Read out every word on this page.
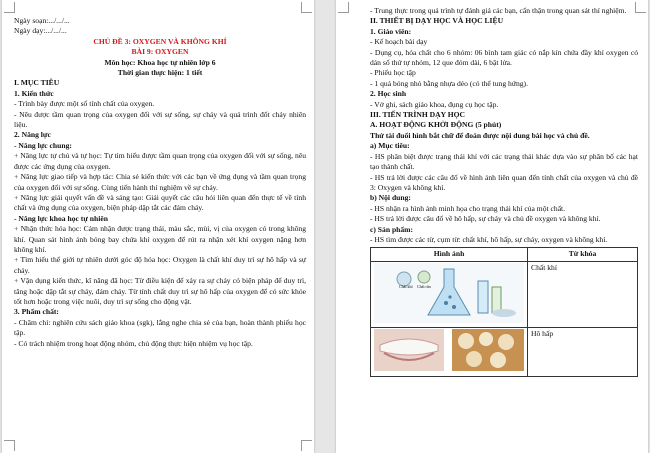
Ngày soạn:.../.../...
Ngày dạy:.../.../...
CHỦ ĐỀ 3: OXYGEN VÀ KHÔNG KHÍ
BÀI 9: OXYGEN
Môn học: Khoa học tự nhiên lớp 6
Thời gian thực hiện: 1 tiết
I. MỤC TIÊU
1. Kiến thức
- Trình bày được một số tính chất của oxygen.
- Nêu được tầm quan trọng của oxygen đối với sự sống, sự cháy và quá trình đốt cháy nhiên liệu.
2. Năng lực
- Năng lực chung:
+ Năng lực tự chủ và tự học: Tự tìm hiểu được tầm quan trọng của oxygen đối với sự sống, nêu được các ứng dụng của oxygen.
+ Năng lực giao tiếp và hợp tác: Chia sẻ kiến thức với các bạn về ứng dụng và tầm quan trọng của oxygen đối với sự sống. Cùng tiến hành thí nghiệm về sự cháy.
+ Năng lực giải quyết vấn đề và sáng tạo: Giải quyết các câu hỏi liên quan đến thực tế về tính chất và ứng dụng của oxygen, biện pháp dập tắt các đám cháy.
- Năng lực khoa học tự nhiên
+ Nhận thức hóa học: Cảm nhận được trạng thái, màu sắc, mùi, vị của oxygen có trong không khí. Quan sát hình ảnh bóng bay chứa khí oxygen để rút ra nhận xét khí oxygen nặng hơn không khí.
+ Tìm hiểu thế giới tự nhiên dưới góc độ hóa học: Oxygen là chất khí duy trì sự hô hấp và sự cháy.
+ Vận dụng kiến thức, kĩ năng đã học: Từ điều kiện để xảy ra sự cháy có biện pháp để duy trì, tăng hoặc dập tắt sự cháy, đám cháy. Từ tính chất duy trì sự hô hấp của oxygen để có sức khỏe tốt hơn hoặc trong việc nuôi, duy trì sự sống cho động vật.
3. Phẩm chất:
- Chăm chỉ: nghiên cứu sách giáo khoa (sgk), lắng nghe chia sẻ của bạn, hoàn thành phiếu học tập.
- Có trách nhiệm trong hoạt động nhóm, chủ động thực hiện nhiệm vụ học tập.
- Trung thực trong quá trình tự đánh giá các bạn, cẩn thận trong quan sát thí nghiệm.
II. THIẾT BỊ DẠY HỌC VÀ HỌC LIỆU
1. Giáo viên:
- Kế hoạch bài dạy
- Dụng cụ, hóa chất cho 6 nhóm: 06 bình tam giác có nắp kín chứa đầy khí oxygen có dán số thứ tự nhóm, 12 que đóm dài, 6 bật lửa.
- Phiếu học tập
- 1 quả bóng nhỏ bằng nhựa dẻo (có thể tung hứng).
2. Học sinh
- Vở ghi, sách giáo khoa, đụng cụ học tập.
III. TIẾN TRÌNH DẠY HỌC
A. HOẠT ĐỘNG KHỞI ĐỘNG (5 phút)
Thử tài đuổi hình bắt chữ để đoán được nội dung bài học và chủ đề.
a) Mục tiêu:
- HS phân biệt được trạng thái khí với các trạng thái khác dựa vào sự phân bố các hạt tạo thành chất.
- HS trả lời được các câu đố về hình ảnh liên quan đến tính chất của oxygen và chủ đề 3: Oxygen và không khí.
b) Nội dung:
- HS nhận ra hình ảnh minh họa cho trạng thái khí của một chất.
- HS trả lời được câu đố về hô hấp, sự cháy và chủ đề oxygen và không khí.
c) Sản phẩm:
- HS tìm được các từ, cụm từ: chất khí, hô hấp, sự cháy, oxygen và không khí.
Hình ảnh	Từ khóa

Chất khí Chất rắn	Chất khí
	Hô hấp
